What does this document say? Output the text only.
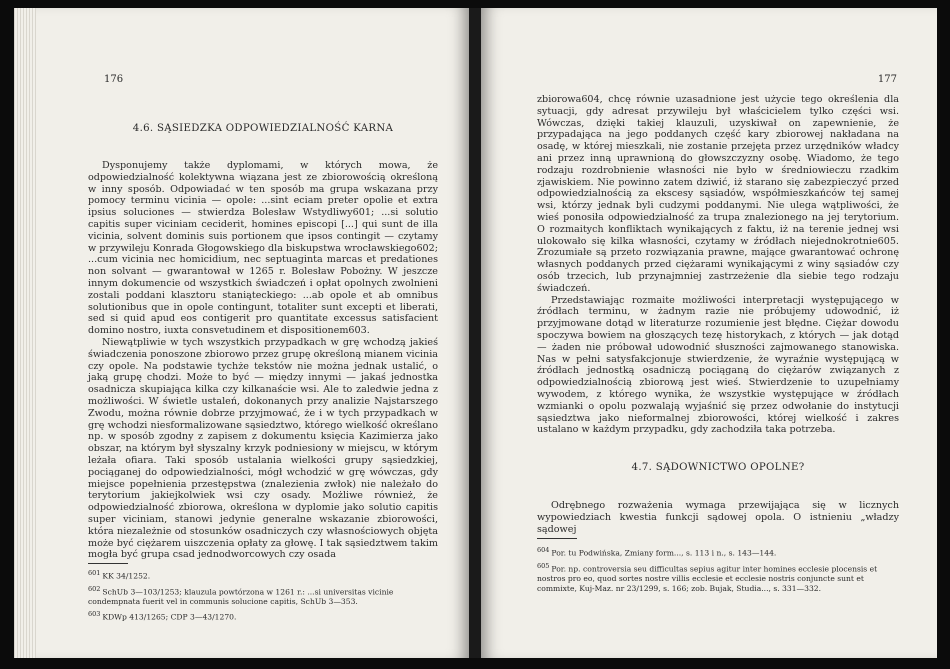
176
4.6. SĄSIEDZKA ODPOWIEDZIALNOŚĆ KARNA

Dysponujemy także dyplomami, w których mowa, że odpowiedzialność kolektywna wiązana jest ze zbiorowością określoną w inny sposób. Odpowiadać w ten sposób ma grupa wskazana przy pomocy terminu vicinia — opole: ...sint eciam preter opolie et extra ipsius soluciones — stwierdza Bolesław Wstydliwy601; ...si solutio capitis super viciniam ceciderit, homines episcopi [...] qui sunt de illa vicinia, solvent dominis suis portionem que ipsos contingit — czytamy w przywileju Konrada Głogowskiego dla biskupstwa wrocławskiego602; ...cum vicinia nec homicidium, nec septuaginta marcas et predationes non solvant — gwarantował w 1265 r. Bolesław Pobożny. W jeszcze innym dokumencie od wszystkich świadczeń i opłat opolnych zwolnieni zostali poddani klasztoru staniąteckiego: ...ab opole et ab omnibus solutionibus que in opole contingunt, totaliter sunt excepti et liberati, sed si quid apud eos contigerit pro quantitate excessus satisfacient domino nostro, iuxta consvetudinem et dispositionem603.

Niewątpliwie w tych wszystkich przypadkach w grę wchodzą jakieś świadczenia ponoszone zbiorowo przez grupę określoną mianem vicinia czy opole. Na podstawie tychże tekstów nie można jednak ustalić, o jaką grupę chodzi. Może to być — między innymi — jakaś jednostka osadnicza skupiająca kilka czy kilkanaście wsi. Ale to zaledwie jedna z możliwości. W świetle ustaleń, dokonanych przy analizie Najstarszego Zwodu, można równie dobrze przyjmować, że i w tych przypadkach w grę wchodzi niesformalizowane sąsiedztwo, którego wielkość określano np. w sposób zgodny z zapisem z dokumentu księcia Kazimierza jako obszar, na którym był słyszalny krzyk podniesiony w miejscu, w którym leżała ofiara. Taki sposób ustalania wielkości grupy sąsiedzkiej, pociąganej do odpowiedzialności, mógł wchodzić w grę wówczas, gdy miejsce popełnienia przestępstwa (znalezienia zwłok) nie należało do terytorium jakiejkolwiek wsi czy osady. Możliwe również, że odpowiedzialność zbiorowa, określona w dyplomie jako solutio capitis super viciniam, stanowi jedynie generalne wskazanie zbiorowości, która niezależnie od stosunków osadniczych czy własnościowych objęta może być ciężarem uiszczenia opłaty za głowę. I tak sąsiedztwem takim mogła być grupa csad jednodworcowych czy osada

601 KK 34/1252.
602 SchUb 3—103/1253; klauzula powtórzona w 1261 r.: ...si universitas vicinie condempnata fuerit vel in communis solucione capitis, SchUb 3—353.
603 KDWp 413/1265; CDP 3—43/1270.
177

zbiorowa604, chcę równie uzasadnione jest użycie tego określenia dla sytuacji, gdy adresat przywileju był właścicielem tylko części wsi. Wówczas, dzięki takiej klauzuli, uzyskiwał on zapewnienie, że przypadająca na jego poddanych część kary zbiorowej nakładana na osadę, w której mieszkali, nie zostanie przejęta przez urzędników władcy ani przez inną uprawnioną do głowszczyzny osobę. Wiadomo, że tego rodzaju rozdrobnienie własności nie było w średniowieczu rzadkim zjawiskiem. Nie powinno zatem dziwić, iż starano się zabezpieczyć przed odpowiedzialnością za ekscesy sąsiadów, współmieszkańców tej samej wsi, którzy jednak byli cudzymi poddanymi. Nie ulega wątpliwości, że wieś ponosiła odpowiedzialność za trupa znalezionego na jej terytorium. O rozmaitych konfliktach wynikających z faktu, iż na terenie jednej wsi ulokowało się kilka własności, czytamy w źródłach niejednokrotnie605. Zrozumiałe są przeto rozwiązania prawne, mające gwarantować ochronę własnych poddanych przed ciężarami wynikającymi z winy sąsiadów czy osób trzecich, lub przynajmniej zastrzeżenie dla siebie tego rodzaju świadczeń.

Przedstawiając rozmaite możliwości interpretacji występującego w źródłach terminu, w żadnym razie nie próbujemy udowodnić, iż przyjmowane dotąd w literaturze rozumienie jest błędne. Ciężar dowodu spoczywa bowiem na głoszących tezę historykach, z których — jak dotąd — żaden nie próbował udowodnić słuszności zajmowanego stanowiska. Nas w pełni satysfakcjonuje stwierdzenie, że wyraźnie występującą w źródłach jednostką osadniczą pociąganą do ciężarów związanych z odpowiedzialnością zbiorową jest wieś. Stwierdzenie to uzupełniamy wywodem, z którego wynika, że wszystkie występujące w źródłach wzmianki o opolu pozwalają wyjaśnić się przez odwołanie do instytucji sąsiedztwa jako nieformalnej zbiorowości, której wielkość i zakres ustalano w każdym przypadku, gdy zachodziła taka potrzeba.

4.7. SĄDOWNICTWO OPOLNE?

Odrębnego rozważenia wymaga przewijająca się w licznych wypowiedziach kwestia funkcji sądowej opola. O istnieniu „władzy sądowej

604 Por. tu Podwińska, Zmiany form..., s. 113 i n., s. 143—144.
605 Por. np. controversia seu difficultas sepius agitur inter homines ecclesie plocensis et nostros pro eo, quod sortes nostre villis ecclesie et ecclesie nostris conjuncte sunt et commixte, Kuj-Maz. nr 23/1299, s. 166; zob. Bujak, Studia..., s. 331—332.
